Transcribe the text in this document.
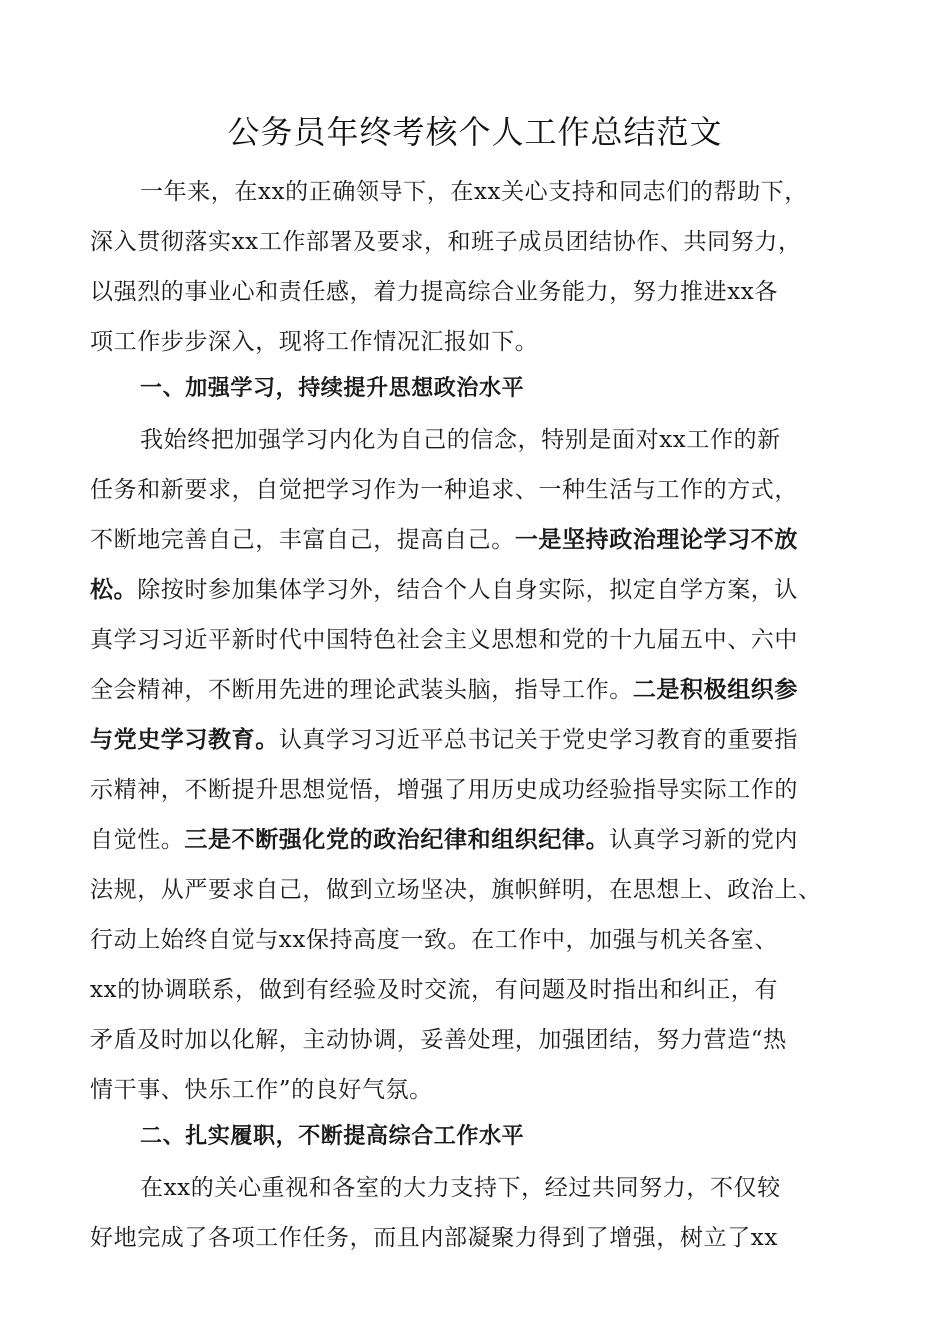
公务员年终考核个人工作总结范文
一年来，在xx的正确领导下，在xx关心支持和同志们的帮助下，
深入贯彻落实xx工作部署及要求，和班子成员团结协作、共同努力，
以强烈的事业心和责任感，着力提高综合业务能力，努力推进xx各
项工作步步深入，现将工作情况汇报如下。
一、加强学习，持续提升思想政治水平
我始终把加强学习内化为自己的信念，特别是面对xx工作的新
任务和新要求，自觉把学习作为一种追求、一种生活与工作的方式，
不断地完善自己，丰富自己，提高自己。一是坚持政治理论学习不放
松。除按时参加集体学习外，结合个人自身实际，拟定自学方案，认
真学习习近平新时代中国特色社会主义思想和党的十九届五中、六中
全会精神，不断用先进的理论武装头脑，指导工作。二是积极组织参
与党史学习教育。认真学习习近平总书记关于党史学习教育的重要指
示精神，不断提升思想觉悟，增强了用历史成功经验指导实际工作的
自觉性。三是不断强化党的政治纪律和组织纪律。认真学习新的党内
法规，从严要求自己，做到立场坚决，旗帜鲜明，在思想上、政治上、
行动上始终自觉与xx保持高度一致。在工作中，加强与机关各室、
xx的协调联系，做到有经验及时交流，有问题及时指出和纠正，有
矛盾及时加以化解，主动协调，妥善处理，加强团结，努力营造“热
情干事、快乐工作”的良好气氛。
二、扎实履职，不断提高综合工作水平
在xx的关心重视和各室的大力支持下，经过共同努力，不仅较
好地完成了各项工作任务，而且内部凝聚力得到了增强，树立了xx
